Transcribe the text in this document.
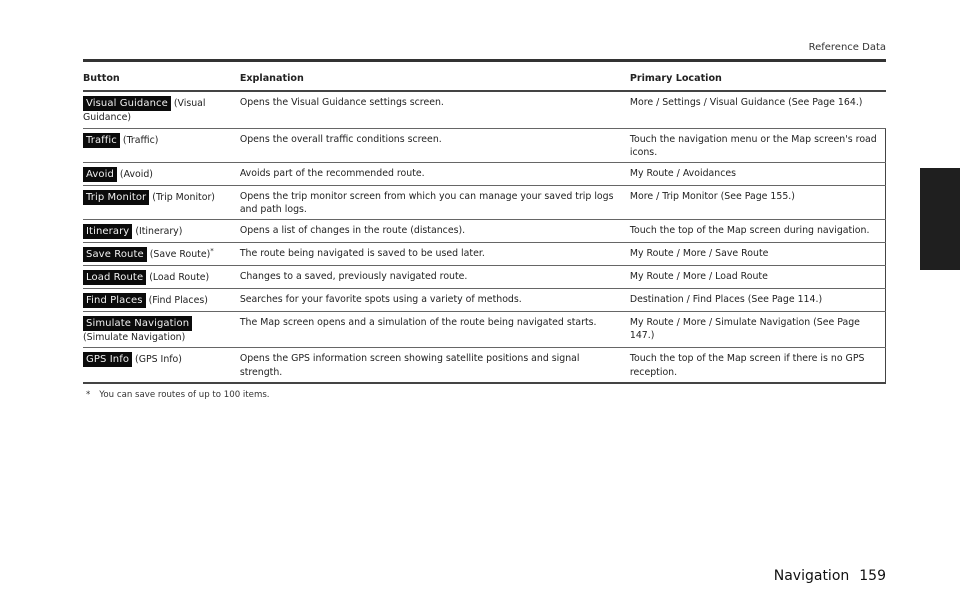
Reference Data
Button	Explanation	Primary Location
Visual Guidance (Visual Guidance)	Opens the Visual Guidance settings screen.	More / Settings / Visual Guidance (See Page 164.)
Traffic (Traffic)	Opens the overall traffic conditions screen.	Touch the navigation menu or the Map screen's road icons.
Avoid (Avoid)	Avoids part of the recommended route.	My Route / Avoidances
Trip Monitor (Trip Monitor)	Opens the trip monitor screen from which you can manage your saved trip logs and path logs.	More / Trip Monitor (See Page 155.)
Itinerary (Itinerary)	Opens a list of changes in the route (distances).	Touch the top of the Map screen during navigation.
Save Route (Save Route)*	The route being navigated is saved to be used later.	My Route / More / Save Route
Load Route (Load Route)	Changes to a saved, previously navigated route.	My Route / More / Load Route
Find Places (Find Places)	Searches for your favorite spots using a variety of methods.	Destination / Find Places (See Page 114.)
Simulate Navigation(Simulate Navigation)	The Map screen opens and a simulation of the route being navigated starts.	My Route / More / Simulate Navigation (See Page 147.)
GPS Info (GPS Info)	Opens the GPS information screen showing satellite positions and signal strength.	Touch the top of the Map screen if there is no GPS reception.
* You can save routes of up to 100 items.
Navigation 159
